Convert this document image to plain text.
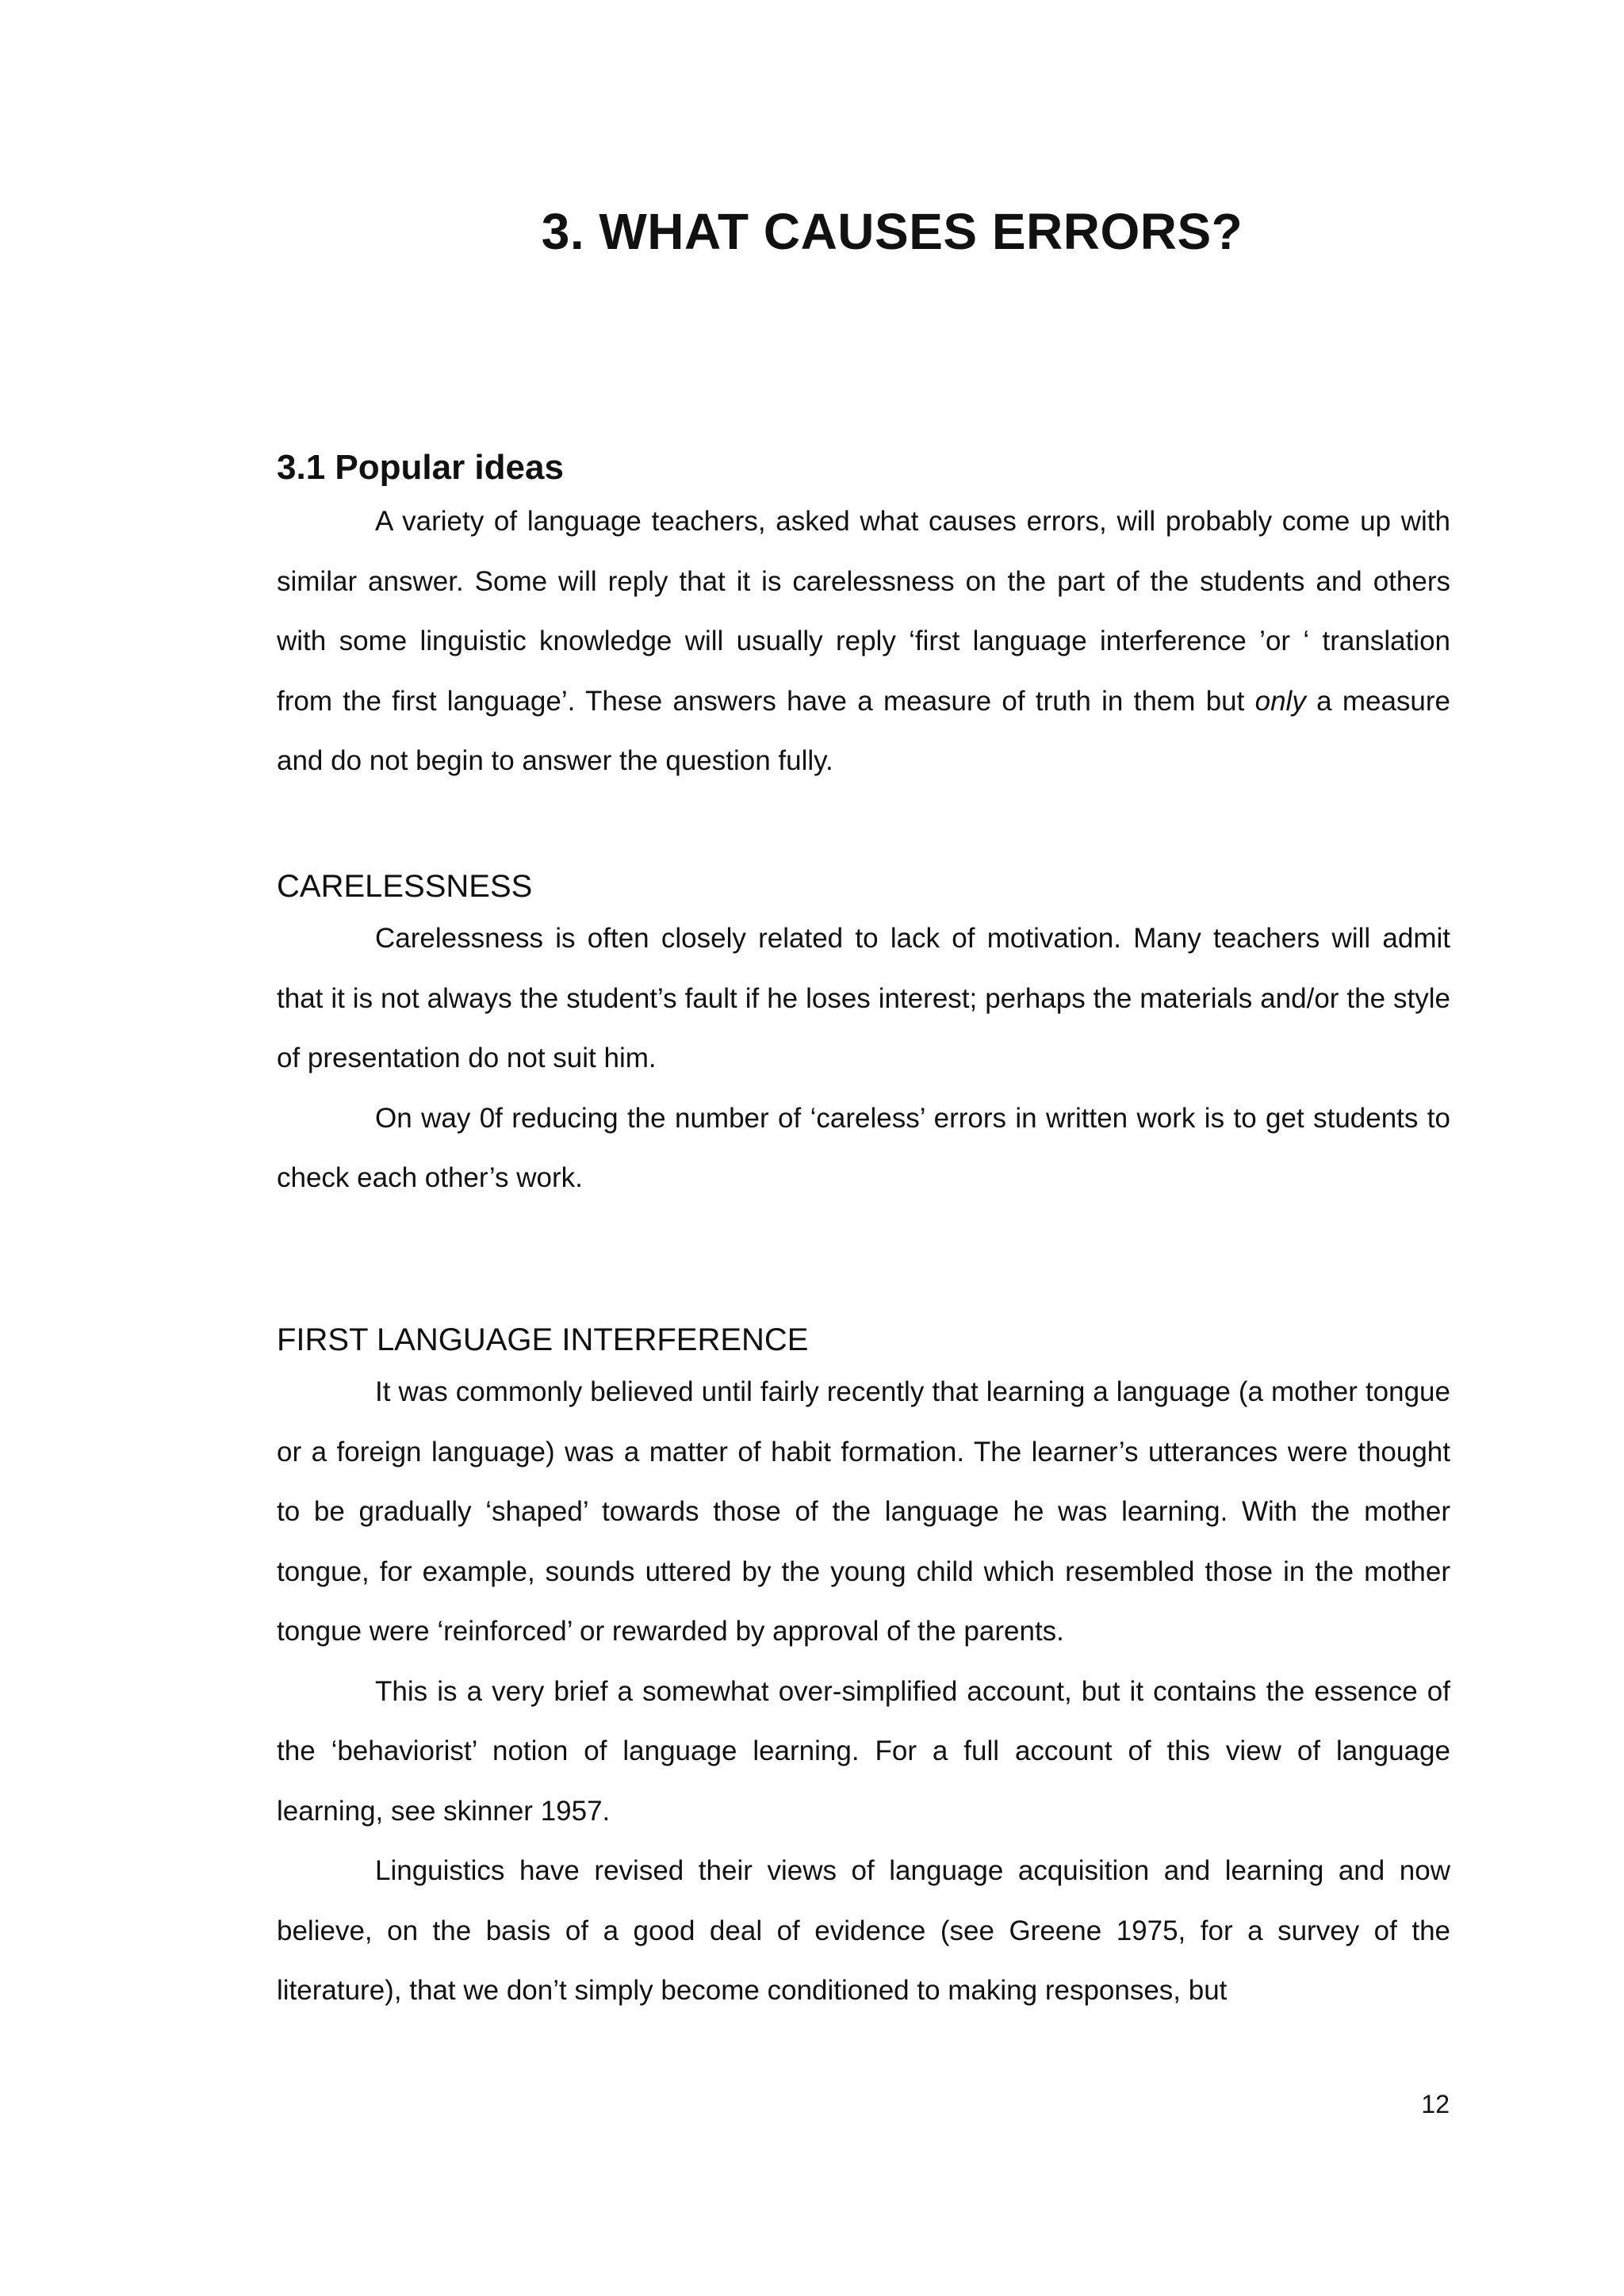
3. WHAT CAUSES ERRORS?
3.1 Popular ideas

A variety of language teachers, asked what causes errors, will probably come up with similar answer. Some will reply that it is carelessness on the part of the students and others with some linguistic knowledge will usually reply ‘first language interference ’or ‘ translation from the first language’. These answers have a measure of truth in them but only a measure and do not begin to answer the question fully.

CARELESSNESS

Carelessness is often closely related to lack of motivation. Many teachers will admit that it is not always the student’s fault if he loses interest; perhaps the materials and/or the style of presentation do not suit him.

On way 0f reducing the number of ‘careless’ errors in written work is to get students to check each other’s work.

FIRST LANGUAGE INTERFERENCE

It was commonly believed until fairly recently that learning a language (a mother tongue or a foreign language) was a matter of habit formation. The learner’s utterances were thought to be gradually ‘shaped’ towards those of the language he was learning. With the mother tongue, for example, sounds uttered by the young child which resembled those in the mother tongue were ‘reinforced’ or rewarded by approval of the parents.

This is a very brief a somewhat over-simplified account, but it contains the essence of the ‘behaviorist’ notion of language learning. For a full account of this view of language learning, see skinner 1957.

Linguistics have revised their views of language acquisition and learning and now believe, on the basis of a good deal of evidence (see Greene 1975, for a survey of the literature), that we don’t simply become conditioned to making responses, but

12
